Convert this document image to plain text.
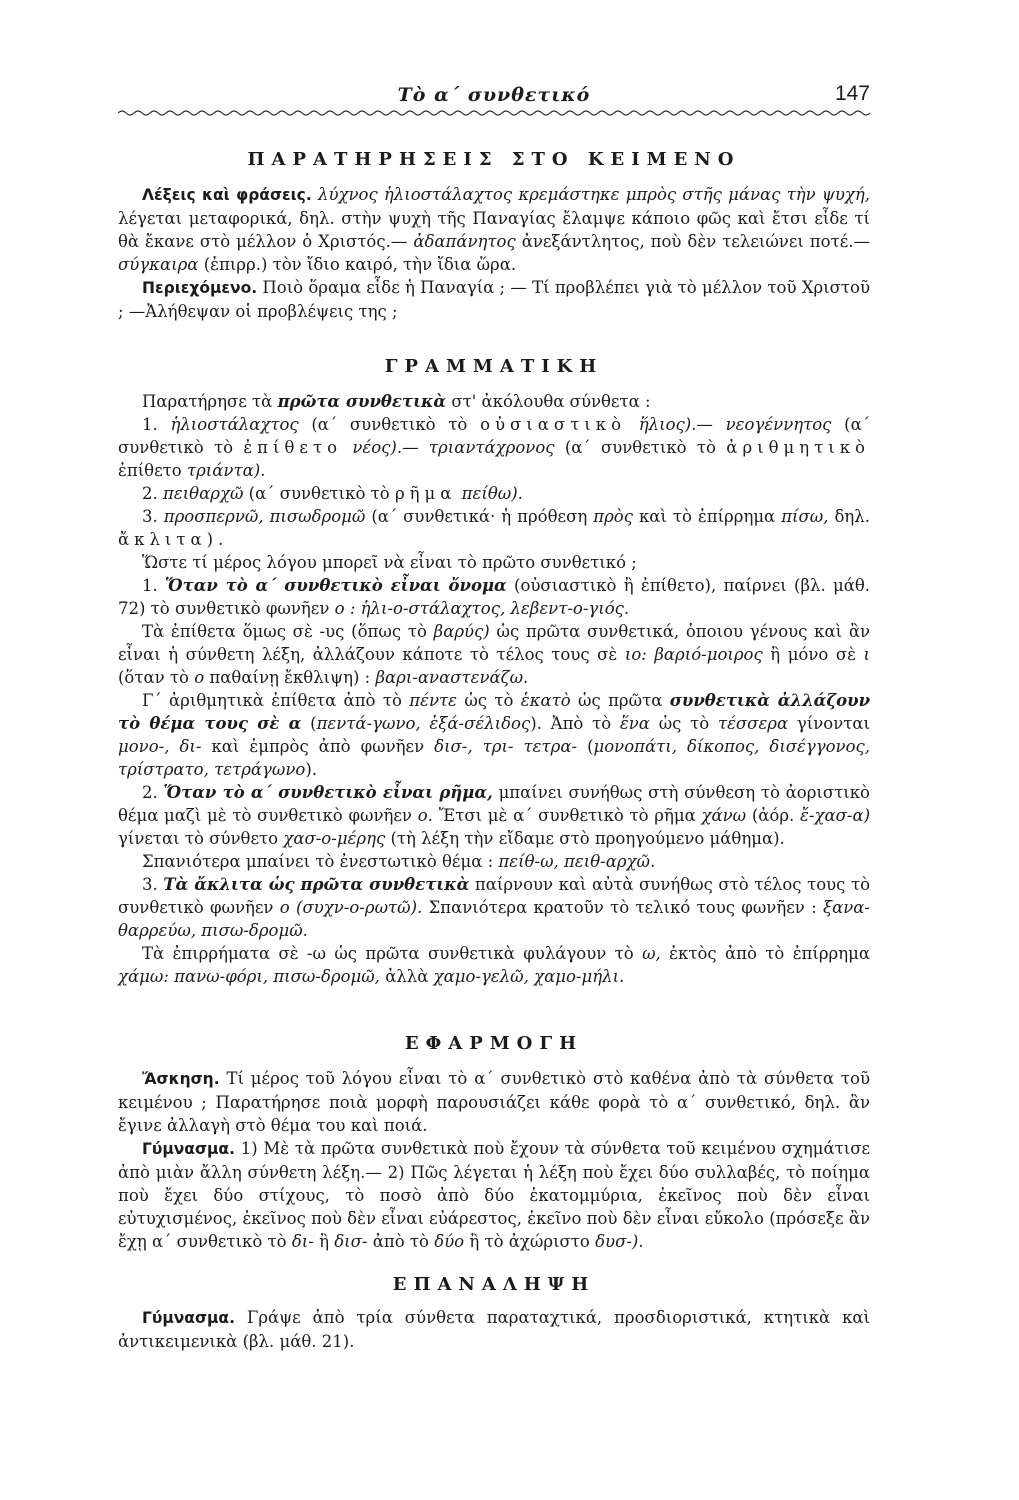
Τὸ α΄ συνθετικό	147
ΠΑΡΑΤΗΡΗΣΕΙΣ ΣΤΟ ΚΕΙΜΕΝΟ

Λέξεις καὶ φράσεις. λύχνος ἡλιοστάλαχτος κρεμάστηκε μπρὸς στῆς μάνας τὴν ψυχή, λέγεται μεταφορικά, δηλ. στὴν ψυχὴ τῆς Παναγίας ἔλαμψε κάποιο φῶς καὶ ἔτσι εἶδε τί θὰ ἔκανε στὸ μέλλον ὁ Χριστός.— ἀδαπάνητος ἀνεξάντλητος, ποὺ δὲν τελειώνει ποτέ.— σύγκαιρα (ἐπιρρ.) τὸν ἴδιο καιρό, τὴν ἴδια ὥρα.

Περιεχόμενο. Ποιὸ ὅραμα εἶδε ἡ Παναγία ; — Τί προβλέπει γιὰ τὸ μέλλον τοῦ Χριστοῦ ; —Ἀλήθεψαν οἱ προβλέψεις της ;

ΓΡΑΜΜΑΤΙΚΗ

Παρατήρησε τὰ πρῶτα συνθετικὰ στ' ἀκόλουθα σύνθετα :

1. ἡλιοστάλαχτος (α΄ συνθετικὸ τὸ οὐσιαστικὸ ἥλιος).— νεογέννητος (α΄ συνθετικὸ τὸ ἐπίθετο νέος).— τριαντάχρονος (α΄ συνθετικὸ τὸ ἀριθμητικὸ ἐπίθετο τριάντα).

2. πειθαρχῶ (α΄ συνθετικὸ τὸ ρῆμα πείθω).

3. προσπερνῶ, πισωδρομῶ (α΄ συνθετικά· ἡ πρόθεση πρὸς καὶ τὸ ἐπίρρημα πίσω, δηλ. ἄκλιτα).

Ὥστε τί μέρος λόγου μπορεῖ νὰ εἶναι τὸ πρῶτο συνθετικό ;

1. Ὅταν τὸ α΄ συνθετικὸ εἶναι ὄνομα (οὐσιαστικὸ ἢ ἐπίθετο), παίρνει (βλ. μάθ. 72) τὸ συνθετικὸ φωνῆεν ο : ἡλι-ο-στάλαχτος, λεβεντ-ο-γιός.

Τὰ ἐπίθετα ὅμως σὲ -υς (ὅπως τὸ βαρύς) ὡς πρῶτα συνθετικά, ὁποιου γένους καὶ ἂν εἶναι ἡ σύνθετη λέξη, ἀλλάζουν κάποτε τὸ τέλος τους σὲ ιο: βαριό-μοιρος ἢ μόνο σὲ ι (ὅταν τὸ ο παθαίνῃ ἔκθλιψη) : βαρι-αναστενάζω.

Γ΄ ἀριθμητικὰ ἐπίθετα ἀπὸ τὸ πέντε ὡς τὸ ἑκατὸ ὡς πρῶτα συνθετικὰ ἀλλάζουν τὸ θέμα τους σὲ α (πεντά-γωνο, ἑξά-σέλιδος). Ἀπὸ τὸ ἕνα ὡς τὸ τέσσερα γίνονται μονο-, δι- καὶ ἐμπρὸς ἀπὸ φωνῆεν δισ-, τρι- τετρα- (μονοπάτι, δίκοπος, δισέγγονος, τρίστρατο, τετράγωνο).

2. Ὅταν τὸ α΄ συνθετικὸ εἶναι ρῆμα, μπαίνει συνήθως στὴ σύνθεση τὸ ἀοριστικὸ θέμα μαζὶ μὲ τὸ συνθετικὸ φωνῆεν ο. Ἔτσι μὲ α΄ συνθετικὸ τὸ ρῆμα χάνω (ἀόρ. ἔ-χασ-α) γίνεται τὸ σύνθετο χασ-ο-μέρης (τὴ λέξη τὴν εἴδαμε στὸ προηγούμενο μάθημα).

Σπανιότερα μπαίνει τὸ ἐνεστωτικὸ θέμα : πείθ-ω, πειθ-αρχῶ.

3. Τὰ ἄκλιτα ὡς πρῶτα συνθετικὰ παίρνουν καὶ αὐτὰ συνήθως στὸ τέλος τους τὸ συνθετικὸ φωνῆεν ο (συχν-ο-ρωτῶ). Σπανιότερα κρατοῦν τὸ τελικό τους φωνῆεν : ξανα-θαρρεύω, πισω-δρομῶ.

Τὰ ἐπιρρήματα σὲ -ω ὡς πρῶτα συνθετικὰ φυλάγουν τὸ ω, ἐκτὸς ἀπὸ τὸ ἐπίρρημα χάμω: πανω-φόρι, πισω-δρομῶ, ἀλλὰ χαμο-γελῶ, χαμο-μήλι.

ΕΦΑΡΜΟΓΗ

Ἄσκηση. Τί μέρος τοῦ λόγου εἶναι τὸ α΄ συνθετικὸ στὸ καθένα ἀπὸ τὰ σύνθετα τοῦ κειμένου ; Παρατήρησε ποιὰ μορφὴ παρουσιάζει κάθε φορὰ τὸ α΄ συνθετικό, δηλ. ἂν ἔγινε ἀλλαγὴ στὸ θέμα του καὶ ποιά.

Γύμνασμα. 1) Μὲ τὰ πρῶτα συνθετικὰ ποὺ ἔχουν τὰ σύνθετα τοῦ κειμένου σχημάτισε ἀπὸ μιὰν ἄλλη σύνθετη λέξη.— 2) Πῶς λέγεται ἡ λέξη ποὺ ἔχει δύο συλλαβές, τὸ ποίημα ποὺ ἔχει δύο στίχους, τὸ ποσὸ ἀπὸ δύο ἑκατομμύρια, ἐκεῖνος ποὺ δὲν εἶναι εὐτυχισμένος, ἐκεῖνος ποὺ δὲν εἶναι εὐάρεστος, ἐκεῖνο ποὺ δὲν εἶναι εὔκολο (πρόσεξε ἂν ἔχῃ α΄ συνθετικὸ τὸ δι- ἢ δισ- ἀπὸ τὸ δύο ἢ τὸ ἀχώριστο δυσ-).

ΕΠΑΝΑΛΗΨΗ

Γύμνασμα. Γράψε ἀπὸ τρία σύνθετα παραταχτικά, προσδιοριστικά, κτητικὰ καὶ ἀντικειμενικὰ (βλ. μάθ. 21).
